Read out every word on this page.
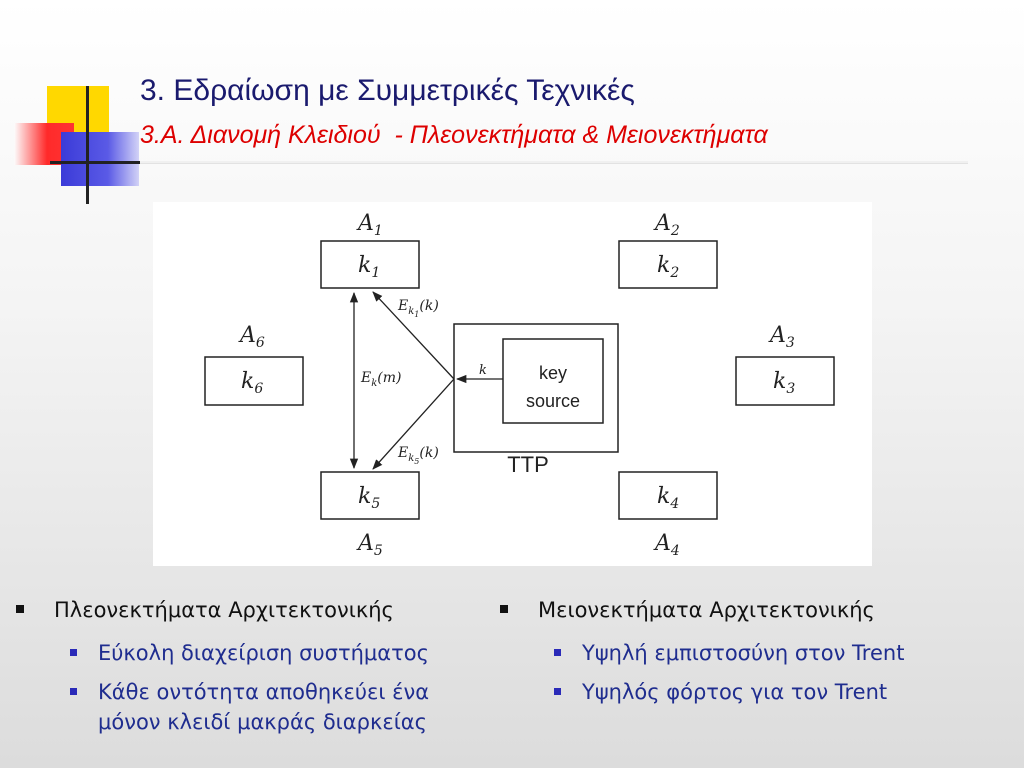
3. Εδραίωση με Συμμετρικές Τεχνικές
3.Α. Διανομή Κλειδιού  - Πλεονεκτήματα & Μειονεκτήματα
$A_1$
$k_1$
$A_2$
$k_2$
$A_3$
$k_3$
$k_4$
$A_4$
$k_5$
$A_5$
$A_6$
$k_6$
key
source
TTP
k
$E_{k1}(k)$
$E_{k5}(k)$
$E_k(m)$
Πλεονεκτήματα Αρχιτεκτονικής
Εύκολη διαχείριση συστήματος
Κάθε οντότητα αποθηκεύει ένα μόνον κλειδί μακράς διαρκείας
Μειονεκτήματα Αρχιτεκτονικής
Υψηλή εμπιστοσύνη στον Trent
Υψηλός φόρτος για τον Trent
